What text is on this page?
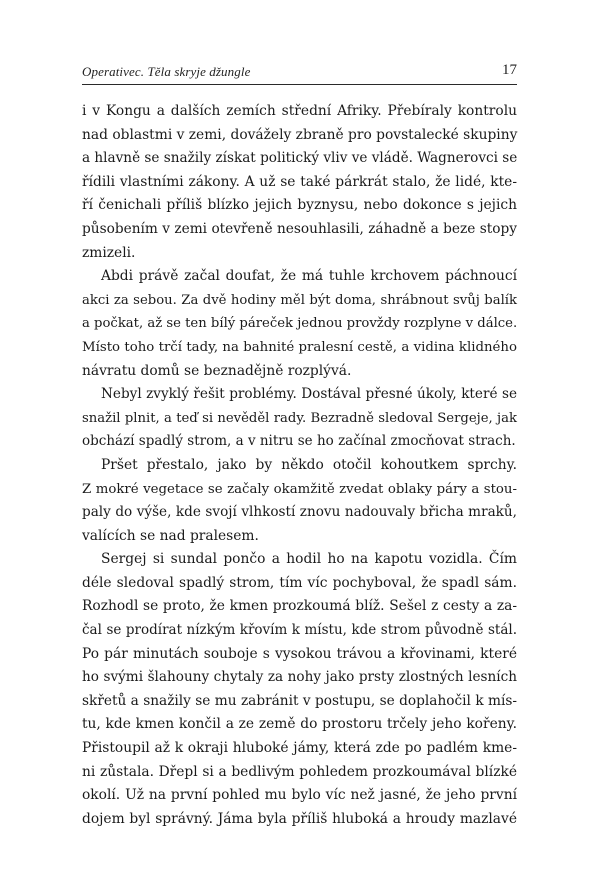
Operativec. Těla skryje džungle	17
i v Kongu a dalších zemích střední Afriky. Přebíraly kontrolu
nad oblastmi v zemi, dovážely zbraně pro povstalecké skupiny
a hlavně se snažily získat politický vliv ve vládě. Wagnerovci se
řídili vlastními zákony. A už se také párkrát stalo, že lidé, kte-
ří čenichali příliš blízko jejich byznysu, nebo dokonce s jejich
působením v zemi otevřeně nesouhlasili, záhadně a beze stopy
zmizeli.
Abdi právě začal doufat, že má tuhle krchovem páchnoucí
akci za sebou. Za dvě hodiny měl být doma, shrábnout svůj balík
a počkat, až se ten bílý páreček jednou provždy rozplyne v dálce.
Místo toho trčí tady, na bahnité pralesní cestě, a vidina klidného
návratu domů se beznadějně rozplývá.
Nebyl zvyklý řešit problémy. Dostával přesné úkoly, které se
snažil plnit, a teď si nevěděl rady. Bezradně sledoval Sergeje, jak
obchází spadlý strom, a v nitru se ho začínal zmocňovat strach.
Pršet přestalo, jako by někdo otočil kohoutkem sprchy.
Z mokré vegetace se začaly okamžitě zvedat oblaky páry a stou-
paly do výše, kde svojí vlhkostí znovu nadouvaly břicha mraků,
valících se nad pralesem.
Sergej si sundal pončo a hodil ho na kapotu vozidla. Čím
déle sledoval spadlý strom, tím víc pochyboval, že spadl sám.
Rozhodl se proto, že kmen prozkoumá blíž. Sešel z cesty a za-
čal se prodírat nízkým křovím k místu, kde strom původně stál.
Po pár minutách souboje s vysokou trávou a křovinami, které
ho svými šlahouny chytaly za nohy jako prsty zlostných lesních
skřetů a snažily se mu zabránit v postupu, se doplahočil k mís-
tu, kde kmen končil a ze země do prostoru trčely jeho kořeny.
Přistoupil až k okraji hluboké jámy, která zde po padlém kme-
ni zůstala. Dřepl si a bedlivým pohledem prozkoumával blízké
okolí. Už na první pohled mu bylo víc než jasné, že jeho první
dojem byl správný. Jáma byla příliš hluboká a hroudy mazlavé
